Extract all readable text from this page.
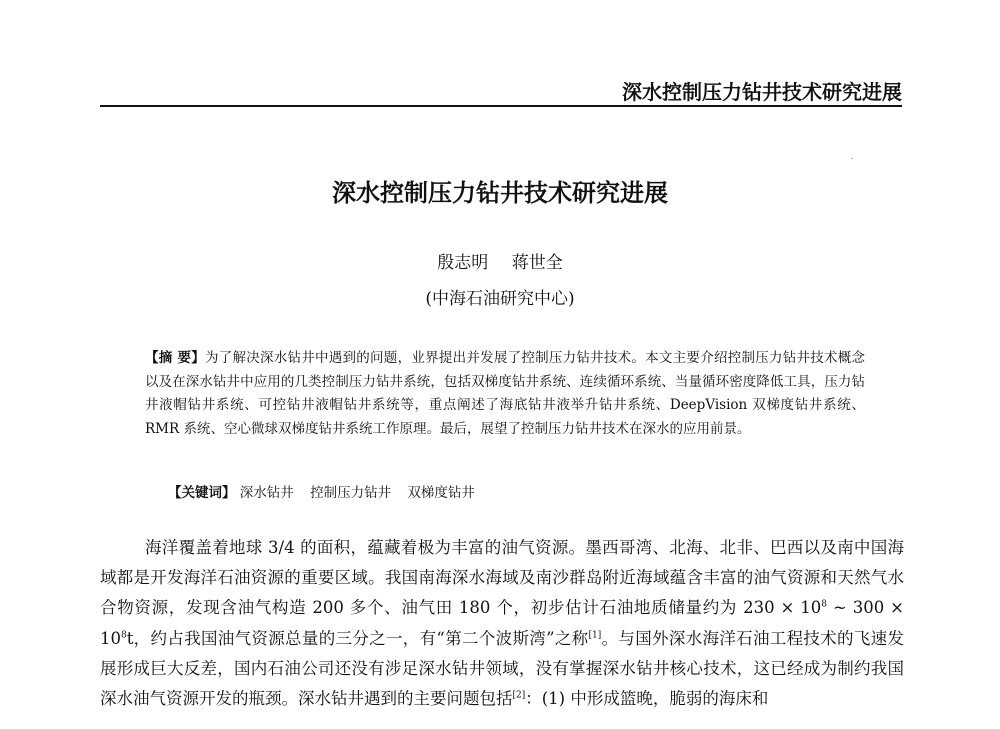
深水控制压力钻井技术研究进展
深水控制压力钻井技术研究进展
殷志明 蒋世全
(中海石油研究中心)
【摘 要】为了解决深水钻井中遇到的问题，业界提出并发展了控制压力钻井技术。本文主要介绍控制压力钻井技术概念以及在深水钻井中应用的几类控制压力钻井系统，包括双梯度钻井系统、连续循环系统、当量循环密度降低工具，压力钻井液帽钻井系统、可控钻井液帽钻井系统等，重点阐述了海底钻井液举升钻井系统、DeepVision 双梯度钻井系统、RMR 系统、空心微球双梯度钻井系统工作原理。最后，展望了控制压力钻井技术在深水的应用前景。
【关键词】 深水钻井 控制压力钻井 双梯度钻井

海洋覆盖着地球 3/4 的面积，蕴藏着极为丰富的油气资源。墨西哥湾、北海、北非、巴西以及南中国海域都是开发海洋石油资源的重要区域。我国南海深水海域及南沙群岛附近海域蕴含丰富的油气资源和天然气水合物资源，发现含油气构造 200 多个、油气田 180 个，初步估计石油地质储量约为 $230 \times 10^8$ ~ $300 \times 10^8t$，约占我国油气资源总量的三分之一，有“第二个波斯湾”之称[1]。与国外深水海洋石油工程技术的飞速发展形成巨大反差，国内石油公司还没有涉足深水钻井领域，没有掌握深水钻井核心技术，这已经成为制约我国深水油气资源开发的瓶颈。深水钻井遇到的主要问题包括[2]：(1) 中形成篮晚，脆弱的海床和
